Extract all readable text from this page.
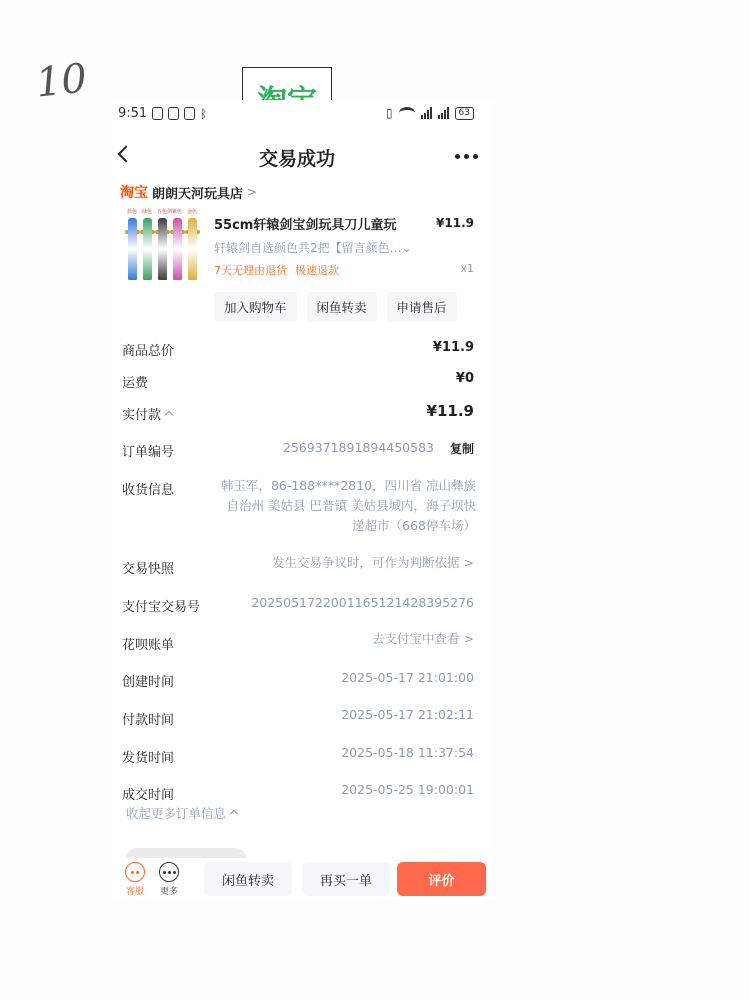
10
9:51	ᛒ	▯	63
交易成功
淘宝 朗朗天河玩具店 >
蓝色 绿色 五色剑 紫色 金色
55cm轩辕剑宝剑玩具刀儿童玩	¥11.9
轩辕剑自选颜色共2把【留言颜色…⌄
7天无理由退货 极速退款	x1
加入购物车	闲鱼转卖	申请售后
商品总价	¥11.9
运费	¥0
实付款	¥11.9
订单编号	2569371891894450583 复制
收货信息	韩玉军，86-188****2810，四川省 凉山彝族自治州 美姑县 巴普镇 美姑县城内，海子坝快递超市（668停车场）
交易快照	发生交易争议时，可作为判断依据 >
支付宝交易号	2025051722001165121428395276
花呗账单	去支付宝中查看 >
创建时间	2025-05-17 21:01:00
付款时间	2025-05-17 21:02:11
发货时间	2025-05-18 11:37:54
成交时间	2025-05-25 19:00:01
收起更多订单信息
客服	更多
闲鱼转卖	再买一单	评价
